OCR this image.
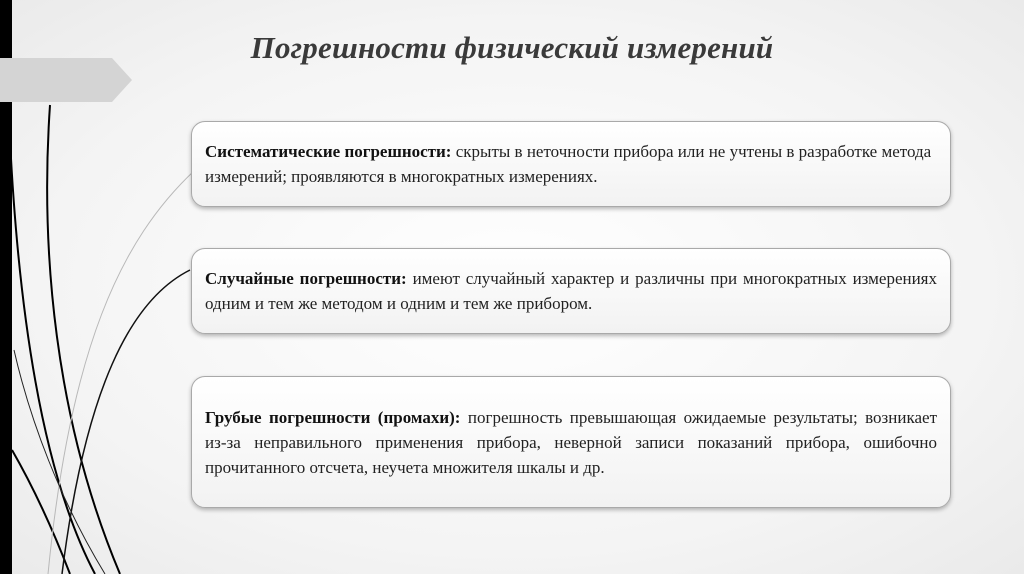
Погрешности физический измерений

Систематические погрешности: скрыты в неточности прибора или не учтены в разработке метода измерений; проявляются в многократных измерениях.

Случайные погрешности: имеют случайный характер и различны при многократных измерениях одним и тем же методом и одним и тем же прибором.

Грубые погрешности (промахи): погрешность превышающая ожидаемые результаты; возникает из-за неправильного применения прибора, неверной записи показаний прибора, ошибочно прочитанного отсчета, неучета множителя шкалы и др.
